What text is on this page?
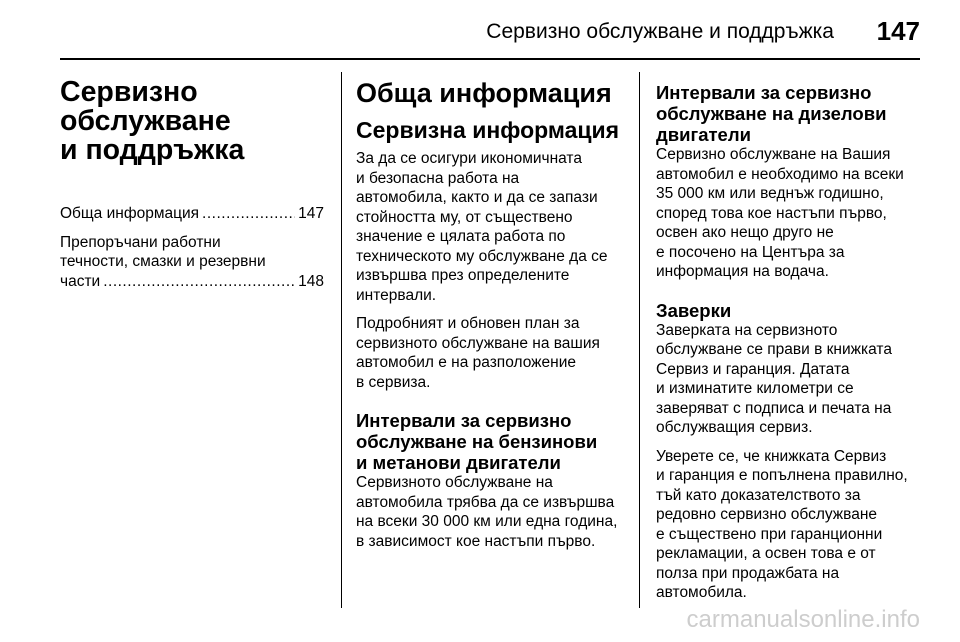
Сервизно обслужване и поддръжка 147
Сервизно
обслужване
и поддръжка
Обща информация .....	147
Препоръчани работни
течности, смазки и резервни
части .....	148
Обща информация
Сервизна информация
За да се осигури икономичната
и безопасна работа на
автомобила, както и да се запази
стойността му, от съществено
значение е цялата работа по
техническото му обслужване да се
извършва през определените
интервали.
Подробният и обновен план за
сервизното обслужване на вашия
автомобил е на разположение
в сервиза.
Интервали за сервизно
обслужване на бензинови
и метанови двигатели
Сервизното обслужване на
автомобила трябва да се извършва
на всеки 30 000 км или една година,
в зависимост кое настъпи първо.
Интервали за сервизно
обслужване на дизелови
двигатели
Сервизно обслужване на Вашия
автомобил е необходимо на всеки
35 000 км или веднъж годишно,
според това кое настъпи първо,
освен ако нещо друго не
е посочено на Центъра за
информация на водача.
Заверки
Заверката на сервизното
обслужване се прави в книжката
Сервиз и гаранция. Датата
и изминатите километри се
заверяват с подписа и печата на
обслужващия сервиз.
Уверете се, че книжката Сервиз
и гаранция е попълнена правилно,
тъй като доказателството за
редовно сервизно обслужване
е съществено при гаранционни
рекламации, а освен това е от
полза при продажбата на
автомобила.
carmanualsonline.info
